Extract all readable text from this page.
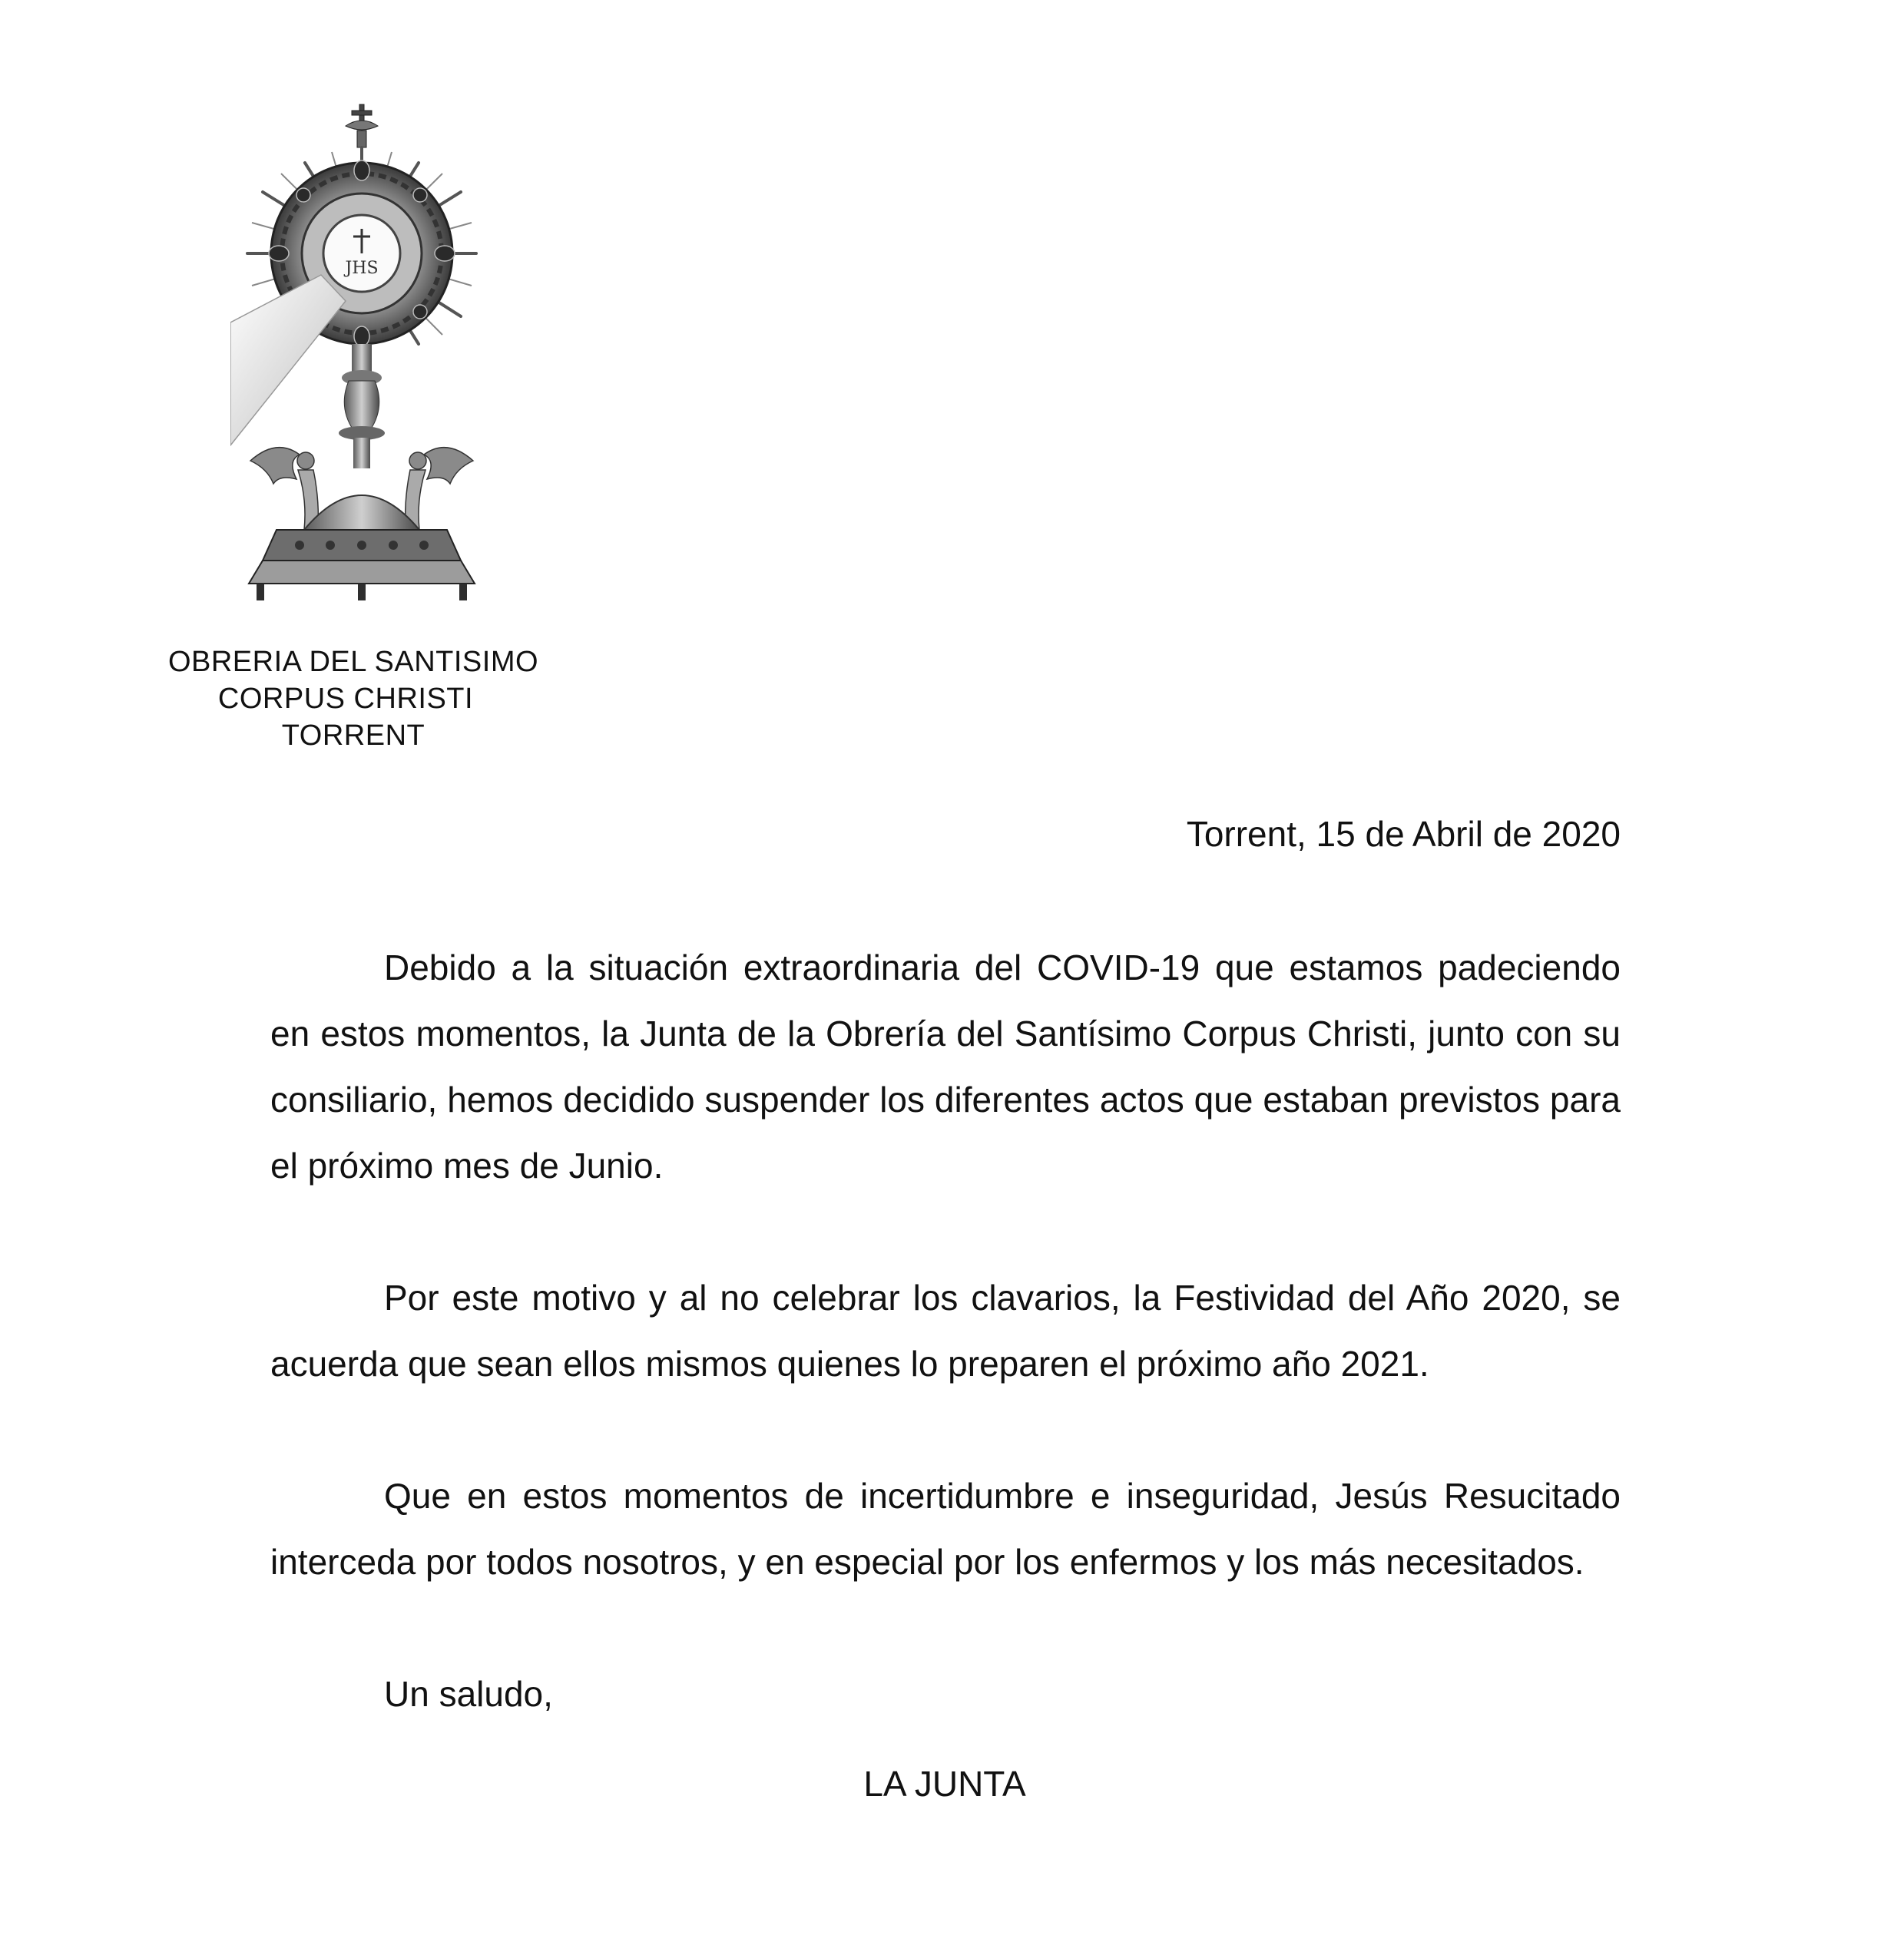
JHS
OBRERIA DEL SANTISIMO
CORPUS CHRISTI
TORRENT
Torrent, 15 de Abril de 2020

Debido a la situación extraordinaria del COVID-19 que estamos padeciendo en estos momentos, la Junta de la Obrería del Santísimo Corpus Christi, junto con su consiliario, hemos decidido suspender los diferentes actos que estaban previstos para el próximo mes de Junio.

Por este motivo y al no celebrar los clavarios, la Festividad del Año 2020, se acuerda que sean ellos mismos quienes lo preparen el próximo año 2021.

Que en estos momentos de incertidumbre e inseguridad, Jesús Resucitado interceda por todos nosotros, y en especial por los enfermos y los más necesitados.

Un saludo,

LA JUNTA
